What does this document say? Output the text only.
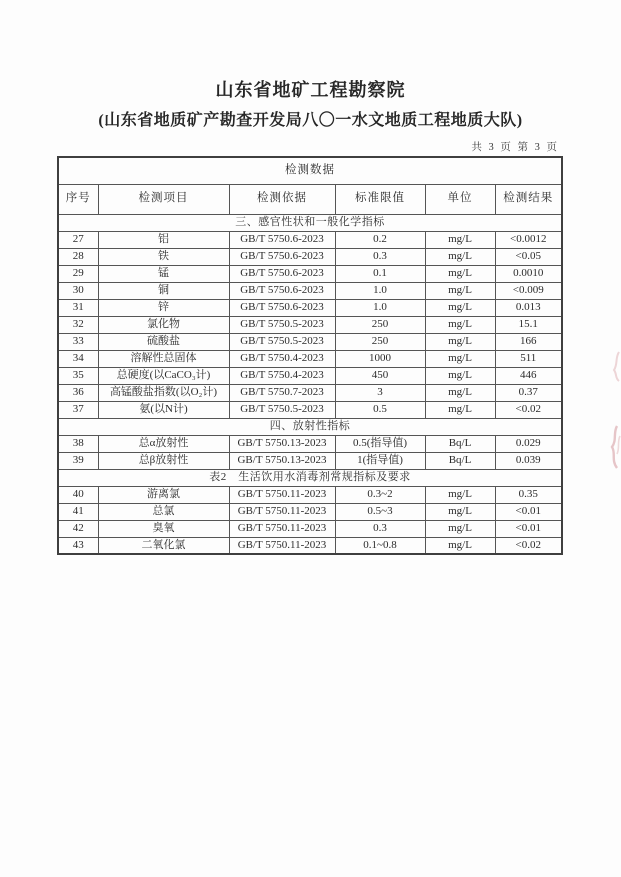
山东省地矿工程勘察院
(山东省地质矿产勘查开发局八〇一水文地质工程地质大队)
共 3 页 第 3 页
检测数据					
序号	检测项目	检测依据	标准限值	单位	检测结果
三、感官性状和一般化学指标					
27	铝	GB/T 5750.6-2023	0.2	mg/L	<0.0012
28	铁	GB/T 5750.6-2023	0.3	mg/L	<0.05
29	锰	GB/T 5750.6-2023	0.1	mg/L	0.0010
30	铜	GB/T 5750.6-2023	1.0	mg/L	<0.009
31	锌	GB/T 5750.6-2023	1.0	mg/L	0.013
32	氯化物	GB/T 5750.5-2023	250	mg/L	15.1
33	硫酸盐	GB/T 5750.5-2023	250	mg/L	166
34	溶解性总固体	GB/T 5750.4-2023	1000	mg/L	511
35	总硬度(以CaCO₃计)	GB/T 5750.4-2023	450	mg/L	446
36	高锰酸盐指数(以O₂计)	GB/T 5750.7-2023	3	mg/L	0.37
37	氨(以N计)	GB/T 5750.5-2023	0.5	mg/L	<0.02
四、放射性指标					
38	总α放射性	GB/T 5750.13-2023	0.5(指导值)	Bq/L	0.029
39	总β放射性	GB/T 5750.13-2023	1(指导值)	Bq/L	0.039
表2　生活饮用水消毒剂常规指标及要求					
40	游离氯	GB/T 5750.11-2023	0.3~2	mg/L	0.35
41	总氯	GB/T 5750.11-2023	0.5~3	mg/L	<0.01
42	臭氧	GB/T 5750.11-2023	0.3	mg/L	<0.01
43	二氧化氯	GB/T 5750.11-2023	0.1~0.8	mg/L	<0.02
